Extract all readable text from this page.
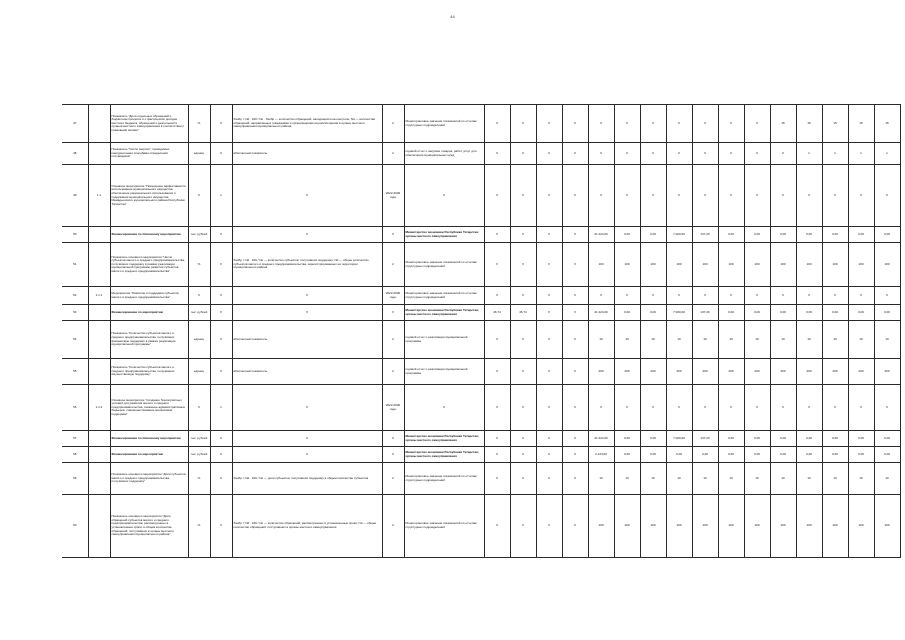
44
47		Показатель "Доля отдельных обращений о бюджетном процессе и о фактических доходах местного бюджета, обращений о деятельности органов местного самоуправления в соответствии с правовыми актами"	%	Х	Sзобр = Nd · 100 / Nо · Sзобр — количество обращений, находящихся на контроле; Nd — количество обращений, направленных гражданами и организациями на рассмотрение в органы местного самоуправления муниципального района	2	Мониторинговое значение показателей по отчетам структурных подразделений	Х	Х	Х	Х	Х	Х	Х	Х	Х	Х	Х	15	15	15	15	15	
48		Показатель "Число закупок", проводимых конкурентными способами определения поставщиков"	единиц	Х	абсолютный показатель	2	годовой отчет о закупках товаров, работ, услуг для обеспечения муниципальных нужд	Х	Х	Х	Х	Х	Х	Х	Х	Х	Х	Х	Х	1	1	1	1	
49	1.1	Основное мероприятие "Повышение эффективности использования муниципального имущества, обеспечение рационального использования и содержания муниципального имущества Мамадышского муниципального района Республики Татарстан"	Х	1	Х	2022-2030 годы	Х	Х	Х	Х	Х	Х	Х	Х	Х	Х	Х	Х	Х	Х	Х	Х	Х	
50		Финансирование по Основному мероприятию	тыс. рублей	Х	Х	Х	Министерство экономики Республики Татарстан; органы местного самоуправления	Х	Х	Х	Х	21 224,00	0,00	0,00	7 000,00	137,20	0,00	0,00	0,00	0,00	0,00	0,00	0,00	
51		Показатель основного мероприятия "Число субъектов малого и среднего предпринимательства, получивших поддержку в рамках реализации муниципальной программы развития субъектов малого и среднего предпринимательства"	%	Х	Sзобр = Nd · 100 / Nо — количество субъектов, получивших поддержку; Nd — общее количество субъектов малого и среднего предпринимательства, зарегистрированных на территории муниципального района	2	Мониторинговое значение показателей по отчетам структурных подразделений	Х	Х	Х	Х	100	100	100	100	100	100	100	100	100	100	100	100	
52	1.1.1	Мероприятие "Развитие и поддержка субъектов малого и среднего предпринимательства"	Х	Х	Х	2022-2030 годы	Мониторинговое значение показателей по отчетам структурных подразделений	Х	Х	Х	Х	Х	Х	Х	Х	Х	Х	Х	Х	Х	Х	Х	Х	
53		Финансирование по мероприятию	тыс. рублей	Х	Х	Х	Министерство экономики Республики Татарстан; органы местного самоуправления	46,74	46,74	Х	Х	21 224,00	0,00	0,00	7 000,00	137,20	0,00	0,00	0,00	0,00	0,00	0,00	0,00	
54		Показатель "Количество субъектов малого и среднего предпринимательства, получивших финансовую поддержку в рамках реализации муниципальной программы"	единиц	Х	абсолютный показатель	2	годовой отчет о реализации муниципальной программы	Х	Х	Х	Х	10	10	10	10	10	10	10	10	10	10	10	10	
55		Показатель "Количество субъектов малого и среднего предпринимательства, получивших имущественную поддержку"	единиц	Х	абсолютный показатель	2	годовой отчет о реализации муниципальной программы	Х	Х	Х	Х	200	200	200	200	200	200	200	200	200	200	200	200	
56	1.1.2	Основное мероприятие "Создание благоприятных условий для развития малого и среднего предпринимательства, снижение административных барьеров, совершенствование механизмов поддержки"	Х	1	Х	2022-2030 годы	Х	Х	Х	Х	Х	Х	Х	Х	Х	Х	Х	Х	Х	Х	Х	Х	Х	
57		Финансирование по Основному мероприятию	тыс. рублей	Х	Х	Х	Министерство экономики Республики Татарстан; органы местного самоуправления	Х	Х	Х	Х	21 224,00	0,00	0,00	7 000,00	137,20	0,00	0,00	0,00	0,00	0,00	0,00	0,00	
58		Финансирование по мероприятию	тыс. рублей	Х	Х	Х	Министерство экономики Республики Татарстан; органы местного самоуправления	Х	Х	Х	Х	2 224,00	0,00	0,00	0,00	0,00	0,00	0,00	0,00	0,00	0,00	0,00	0,00	
59		Показатель основного мероприятия "Доля субъектов малого и среднего предпринимательства, получивших поддержку"	%	Х	Sзобр = Nd · 100 / Nо — доля субъектов, получивших поддержку в общем количестве субъектов	2	Мониторинговое значение показателей по отчетам структурных подразделений	Х	Х	Х	Х	10	10	10	10	10	10	10	10	10	10	10	10	
60		Показатель основного мероприятия "Доля обращений субъектов малого и среднего предпринимательства, рассмотренных в установленные сроки, в общем количестве обращений, поступивших в органы местного самоуправления муниципального района"	%	Х	Sзобр = Nd · 100 / Nо — количество обращений, рассмотренных в установленные сроки; Nd — общее количество обращений, поступивших в органы местного самоуправления	2	Мониторинговое значение показателей по отчетам структурных подразделений	Х	Х	Х	Х	100	100	100	100	100	100	100	100	100	100	100	100	
